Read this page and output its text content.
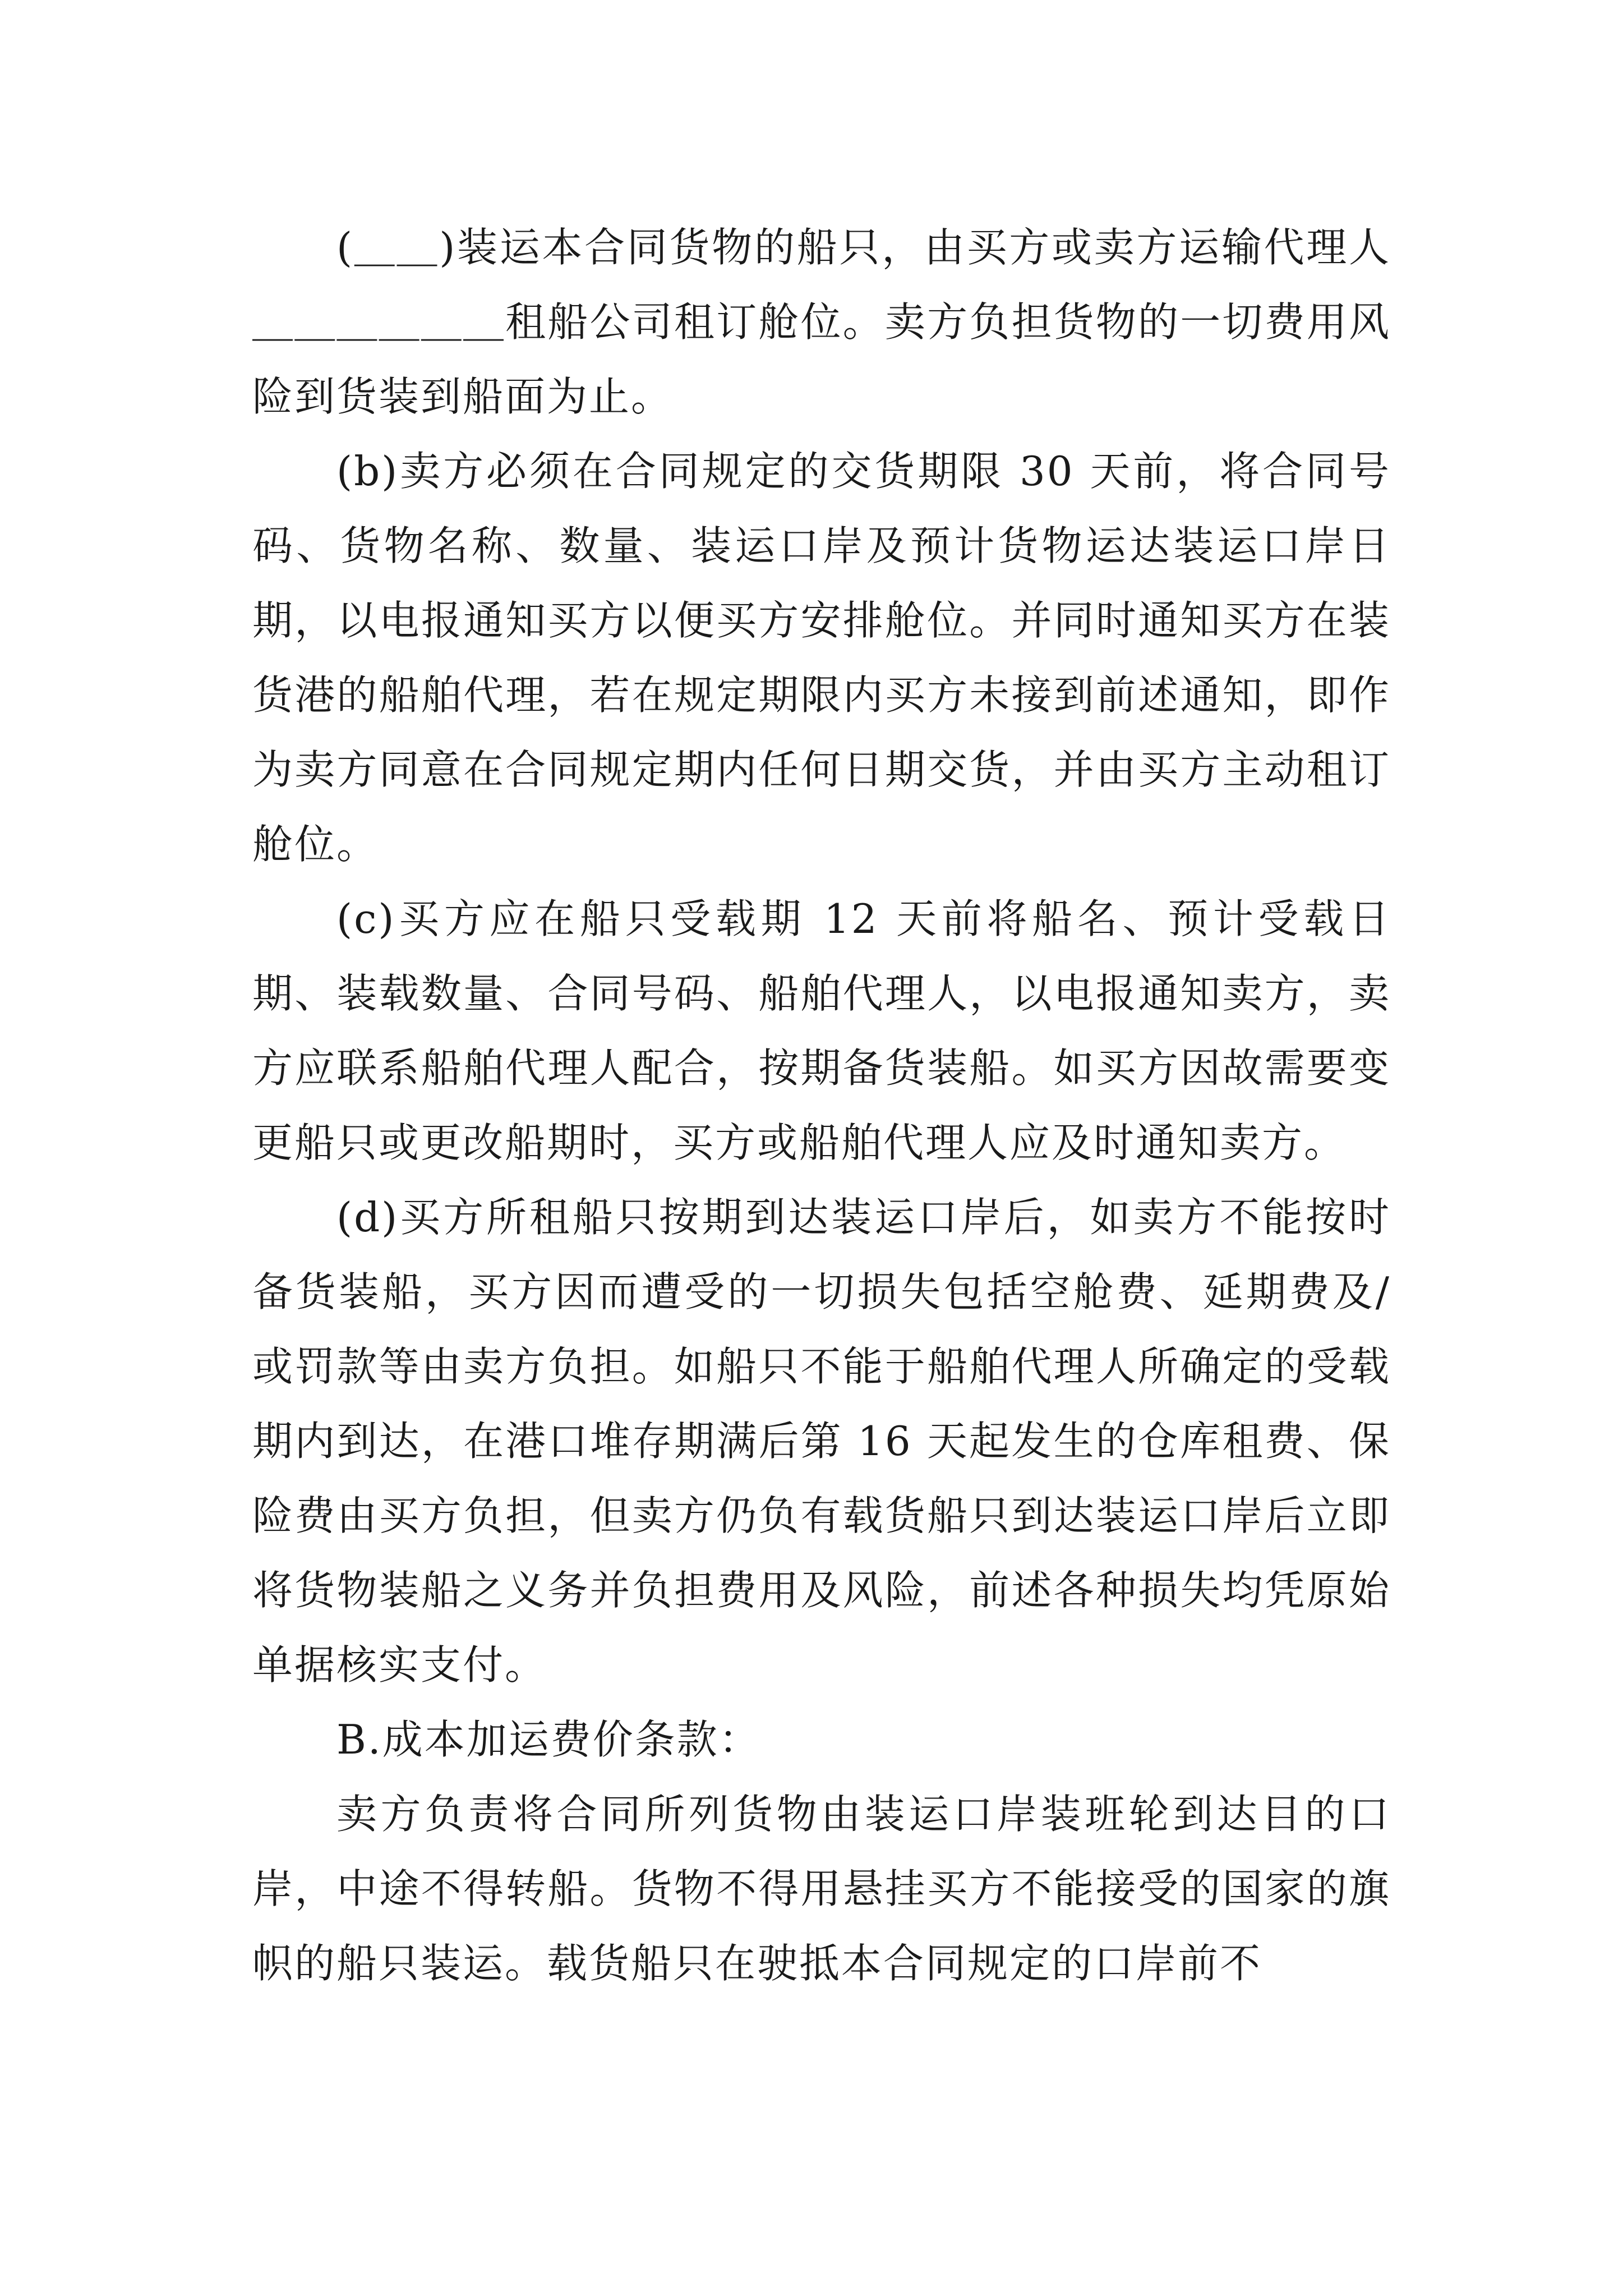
(＿＿)装运本合同货物的船只，由买方或卖方运输代理人＿＿＿＿＿＿租船公司租订舱位。卖方负担货物的一切费用风险到货装到船面为止。

(b)卖方必须在合同规定的交货期限 30 天前，将合同号码、货物名称、数量、装运口岸及预计货物运达装运口岸日期，以电报通知买方以便买方安排舱位。并同时通知买方在装货港的船舶代理，若在规定期限内买方未接到前述通知，即作为卖方同意在合同规定期内任何日期交货，并由买方主动租订舱位。

(c)买方应在船只受载期 12 天前将船名、预计受载日期、装载数量、合同号码、船舶代理人，以电报通知卖方，卖方应联系船舶代理人配合，按期备货装船。如买方因故需要变更船只或更改船期时，买方或船舶代理人应及时通知卖方。

(d)买方所租船只按期到达装运口岸后，如卖方不能按时备货装船，买方因而遭受的一切损失包括空舱费、延期费及/或罚款等由卖方负担。如船只不能于船舶代理人所确定的受载期内到达，在港口堆存期满后第 16 天起发生的仓库租费、保险费由买方负担，但卖方仍负有载货船只到达装运口岸后立即将货物装船之义务并负担费用及风险，前述各种损失均凭原始单据核实支付。

B.成本加运费价条款：

卖方负责将合同所列货物由装运口岸装班轮到达目的口岸，中途不得转船。货物不得用悬挂买方不能接受的国家的旗帜的船只装运。载货船只在驶抵本合同规定的口岸前不
